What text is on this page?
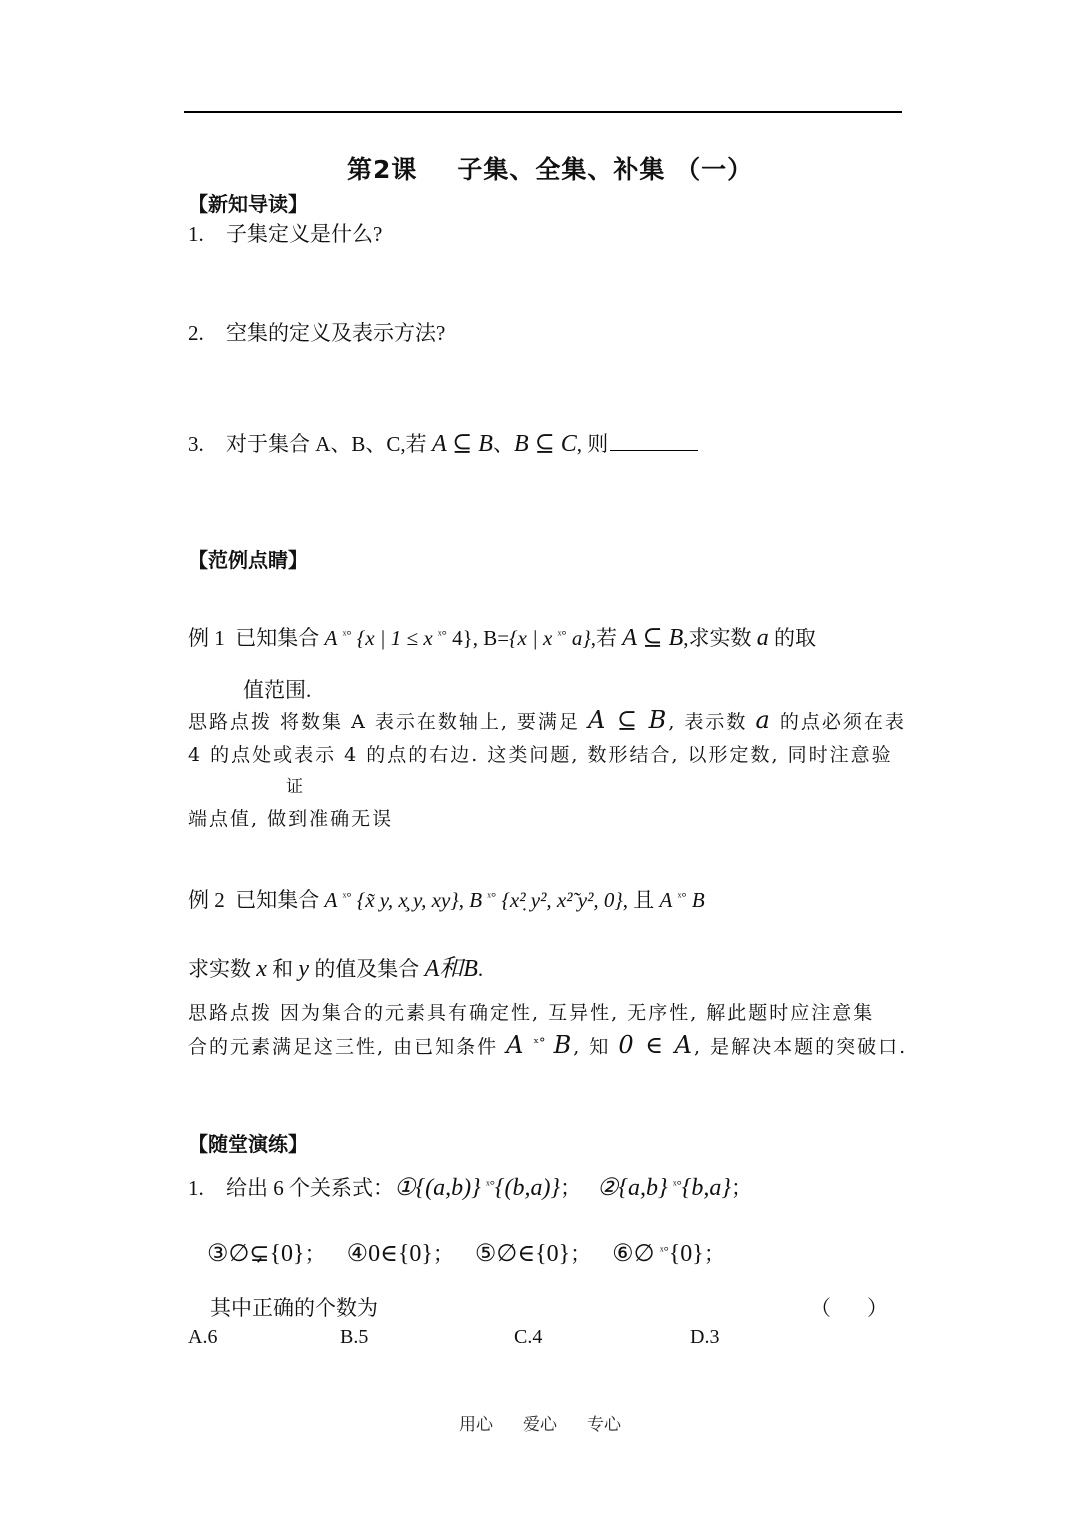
第2课 子集、全集、补集 （一）
【新知导读】
1. 子集定义是什么?
2. 空集的定义及表示方法?
3. 对于集合 A、B、C,若 A ⊆ B、B ⊆ C, 则
【范例点睛】
例 1 已知集合 A $^{ˣ^\circ}$ {x | 1 ≤ x $^{ˣ^\circ}$ 4}, B={x | x $^{ˣ^\circ}$ a},若 A ⊆ B,求实数 a 的取
值范围.
思路点拨 将数集 A 表示在数轴上, 要满足 A ⊆ B, 表示数 a 的点必须在表
4 的点处或表示 4 的点的右边. 这类问题, 数形结合, 以形定数, 同时注意验
证
端点值, 做到准确无误
例 2 已知集合 A $^{ˣ^\circ}$ {x̃ y, x̧ y, xy}, B $^{ˣ^\circ}$ {x²̣ y², x²̃ y², 0}, 且 A $^{ˣ^\circ}$ B
求实数 x 和 y 的值及集合 A和B.
思路点拨 因为集合的元素具有确定性, 互异性, 无序性, 解此题时应注意集
合的元素满足这三性, 由已知条件 A $^{ˣ^\circ}$ B, 知 0 ∈ A, 是解决本题的突破口.
【随堂演练】
1. 给出 6 个关系式：①{(a,b)} $^{ˣ^\circ}${(b,a)}； ②{a,b} $^{ˣ^\circ}${b,a}；
③∅⊊{0}； ④0∈{0}； ⑤∅∈{0}； ⑥∅ $^{ˣ^\circ}${0}；
其中正确的个数为	（ ）
A.6	B.5	C.4	D.3
用心 爱心 专心
